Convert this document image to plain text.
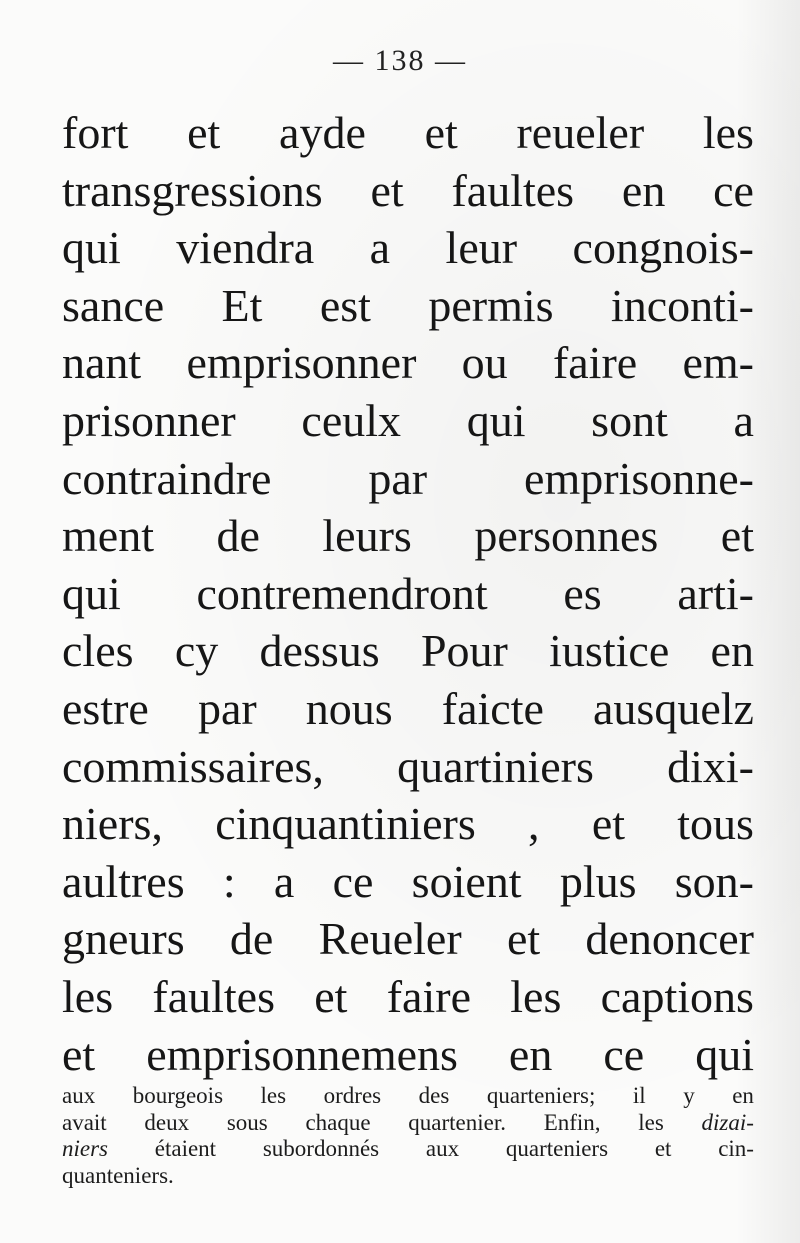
— 138 —
fort et ayde et reueler les
transgressions et faultes en ce
qui viendra a leur congnois-
sance Et est permis inconti-
nant emprisonner ou faire em-
prisonner ceulx qui sont a
contraindre par emprisonne-
ment de leurs personnes et
qui contremendront es arti-
cles cy dessus Pour iustice en
estre par nous faicte ausquelz
commissaires, quartiniers dixi-
niers, cinquantiniers , et tous
aultres : a ce soient plus son-
gneurs de Reueler et denoncer
les faultes et faire les captions
et emprisonnemens en ce qui
aux bourgeois les ordres des quarteniers; il y en
avait deux sous chaque quartenier. Enfin, les dizai-
niers étaient subordonnés aux quarteniers et cin-
quanteniers.
